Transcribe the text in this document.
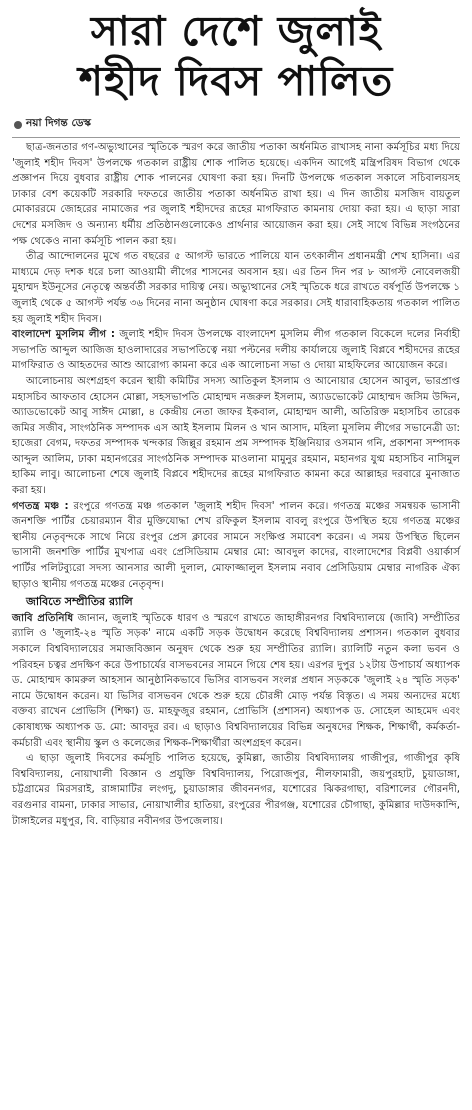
সারা দেশে জুলাই
শহীদ দিবস পালিত
নয়া দিগন্ত ডেস্ক

ছাত্র-জনতার গণ-অভ্যুত্থানের স্মৃতিকে স্মরণ করে জাতীয় পতাকা অর্ধনমিত রাখাসহ নানা কর্মসূচির মধ্য দিয়ে 'জুলাই শহীদ দিবস' উপলক্ষে গতকাল রাষ্ট্রীয় শোক পালিত হয়েছে। একদিন আগেই মন্ত্রিপরিষদ বিভাগ থেকে প্রজ্ঞাপন দিয়ে বুধবার রাষ্ট্রীয় শোক পালনের ঘোষণা করা হয়। দিনটি উপলক্ষে গতকাল সকালে সচিবালয়সহ ঢাকার বেশ কয়েকটি সরকারি দফতরে জাতীয় পতাকা অর্ধনমিত রাখা হয়। এ দিন জাতীয় মসজিদ বায়তুল মোকাররমে জোহরের নামাজের পর জুলাই শহীদদের রূহের মাগফিরাত কামনায় দোয়া করা হয়। এ ছাড়া সারা দেশের মসজিদ ও অন্যান্য ধর্মীয় প্রতিষ্ঠানগুলোকেও প্রার্থনার আয়োজন করা হয়। সেই সাথে বিভিন্ন সংগঠনের পক্ষ থেকেও নানা কর্মসূচি পালন করা হয়।

তীব্র আন্দোলনের মুখে গত বছরের ৫ আগস্ট ভারতে পালিয়ে যান তৎকালীন প্রধানমন্ত্রী শেখ হাসিনা। এর মাধ্যমে দেড় দশক ধরে চলা আওয়ামী লীগের শাসনের অবসান হয়। এর তিন দিন পর ৮ আগস্ট নোবেলজয়ী মুহাম্মদ ইউনূসের নেতৃত্বে অন্তর্বর্তী সরকার দায়িত্ব নেয়। অভ্যুত্থানের সেই স্মৃতিকে ধরে রাখতে বর্ষপূর্তি উপলক্ষে ১ জুলাই থেকে ৫ আগস্ট পর্যন্ত ৩৬ দিনের নানা অনুষ্ঠান ঘোষণা করে সরকার। সেই ধারাবাহিকতায় গতকাল পালিত হয় জুলাই শহীদ দিবস।

বাংলাদেশ মুসলিম লীগ : জুলাই শহীদ দিবস উপলক্ষে বাংলাদেশ মুসলিম লীগ গতকাল বিকেলে দলের নির্বাহী সভাপতি আব্দুল আজিজ হাওলাদারের সভাপতিত্বে নয়া পল্টনের দলীয় কার্যালয়ে জুলাই বিপ্লবে শহীদদের রূহের মাগফিরাত ও আহতদের আশু আরোগ্য কামনা করে এক আলোচনা সভা ও দোয়া মাহফিলের আয়োজন করে।

আলোচনায় অংশগ্রহণ করেন স্থায়ী কমিটির সদস্য আতিকুল ইসলাম ও আনোয়ার হোসেন আবুল, ভারপ্রাপ্ত মহাসচিব আফতাব হোসেন মোল্লা, সহসভাপতি মোহাম্মদ নজরুল ইসলাম, অ্যাডভোকেট মোহাম্মদ জসিম উদ্দিন, অ্যাডভোকেট আবু সাঈদ মোল্লা, ৪ কেন্দ্রীয় নেতা জাফর ইকবাল, মোহাম্মদ আলী, অতিরিক্ত মহাসচিব তারেক জমির সজীব, সাংগঠনিক সম্পাদক এস আই ইসলাম মিলন ও খান আসাদ, মহিলা মুসলিম লীগের সভানেত্রী ডা: হাজেরা বেগম, দফতর সম্পাদক খন্দকার জিল্লুর রহমান প্রম সম্পাদক ইঞ্জিনিয়ার ওসমান গনি, প্রকাশনা সম্পাদক আব্দুল আলিম, ঢাকা মহানগরের সাংগঠনিক সম্পাদক মাওলানা মামুনুর রহমান, মহানগর যুগ্ম মহাসচিব নাসিমুল হাকিম লাবু। আলোচনা শেষে জুলাই বিপ্লবে শহীদদের রূহের মাগফিরাত কামনা করে আল্লাহর দরবারে মুনাজাত করা হয়।

গণতন্ত্র মঞ্চ : রংপুরে গণতন্ত্র মঞ্চ গতকাল 'জুলাই শহীদ দিবস' পালন করে। গণতন্ত্র মঞ্চের সমন্বয়ক ভাসানী জনশক্তি পার্টির চেয়ারম্যান বীর মুক্তিযোদ্ধা শেখ রফিকুল ইসলাম বাবলু রংপুরে উপস্থিত হয়ে গণতন্ত্র মঞ্চের স্থানীয় নেতৃবৃন্দকে সাথে নিয়ে রংপুর প্রেস ক্লাবের সামনে সংক্ষিপ্ত সমাবেশ করেন। এ সময় উপস্থিত ছিলেন ভাসানী জনশক্তি পার্টির মুখপাত্র এবং প্রেসিডিয়াম মেম্বার মো: আবদুল কাদের, বাংলাদেশের বিপ্লবী ওয়ার্কার্স পার্টির পলিটব্যুরো সদস্য আনসার আলী দুলাল, মোফাজ্জালুল ইসলাম নবাব প্রেসিডিয়াম মেম্বার নাগরিক ঐক্য ছাড়াও স্থানীয় গণতন্ত্র মঞ্চের নেতৃবৃন্দ।

জাবিতে সম্প্রীতির র‌্যালি

জাবি প্রতিনিধি জানান, জুলাই স্মৃতিকে ধারণ ও স্মরণে রাখতে জাহাঙ্গীরনগর বিশ্ববিদ্যালয়ে (জাবি) সম্প্রীতির র‌্যালি ও 'জুলাই-২৪ স্মৃতি সড়ক' নামে একটি সড়ক উদ্বোধন করেছে বিশ্ববিদ্যালয় প্রশাসন। গতকাল বুধবার সকালে বিশ্ববিদ্যালয়ের সমাজবিজ্ঞান অনুষদ থেকে শুরু হয় সম্প্রীতির র‌্যালি। র‌্যালিটি নতুন কলা ভবন ও পরিবহন চত্বর প্রদক্ষিণ করে উপাচার্যের বাসভবনের সামনে গিয়ে শেষ হয়। এরপর দুপুর ১২টায় উপাচার্য অধ্যাপক ড. মোহাম্মদ কামরুল আহসান আনুষ্ঠানিকভাবে ভিসির বাসভবন সংলগ্ন প্রধান সড়ককে 'জুলাই ২৪ স্মৃতি সড়ক' নামে উদ্বোধন করেন। যা ভিসির বাসভবন থেকে শুরু হয়ে চৌরঙ্গী মোড় পর্যন্ত বিস্তৃত। এ সময় অন্যদের মধ্যে বক্তব্য রাখেন প্রোভিসি (শিক্ষা) ড. মাহফুজুর রহমান, প্রোভিসি (প্রশাসন) অধ্যাপক ড. সোহেল আহমেদ এবং কোষাধ্যক্ষ অধ্যাপক ড. মো: আবদুর রব। এ ছাড়াও বিশ্ববিদ্যালয়ের বিভিন্ন অনুষদের শিক্ষক, শিক্ষার্থী, কর্মকর্তা-কর্মচারী এবং স্থানীয় স্কুল ও কলেজের শিক্ষক-শিক্ষার্থীরা অংশগ্রহণ করেন।

এ ছাড়া জুলাই দিবসের কর্মসূচি পালিত হয়েছে, কুমিল্লা, জাতীয় বিশ্ববিদ্যালয় গাজীপুর, গাজীপুর কৃষি বিশ্ববিদ্যালয়, নোয়াখালী বিজ্ঞান ও প্রযুক্তি বিশ্ববিদ্যালয়, পিরোজপুর, নীলফামারী, জয়পুরহাট, চুয়াডাঙ্গা, চট্টগ্রামের মিরসরাই, রাঙ্গামাটির লংগদু, চুয়াডাঙ্গার জীবননগর, যশোরের ঝিকরগাছা, বরিশালের গৌরনদী, বরগুনার বামনা, ঢাকার সাভার, নোয়াখালীর হাতিয়া, রংপুরের পীরগঞ্জ, যশোরের চৌগাছা, কুমিল্লার দাউদকান্দি, টাঙ্গাইলের মধুপুর, বি. বাড়িয়ার নবীনগর উপজেলায়।
